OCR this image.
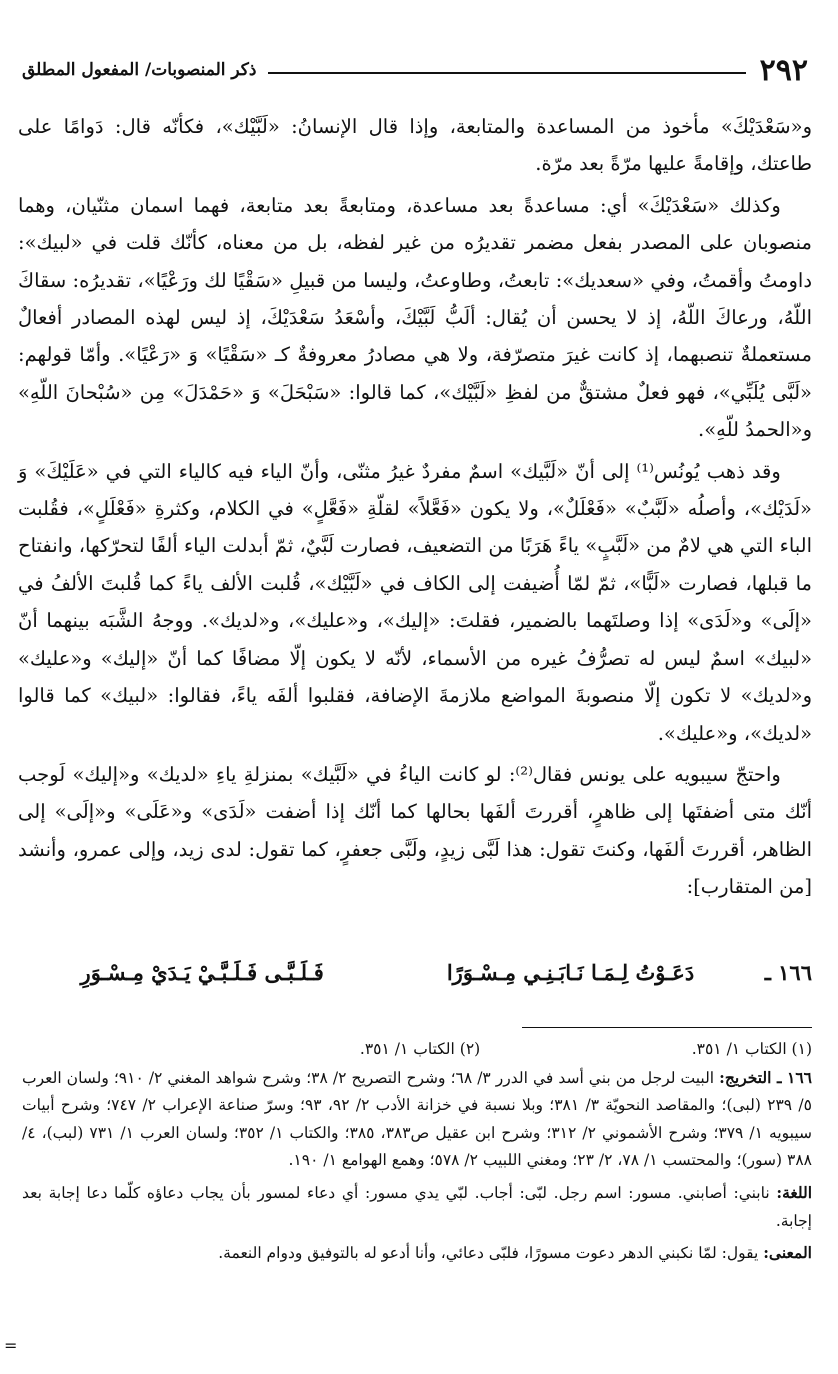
٢٩٢
ذكر المنصوبات/ المفعول المطلق

و«سَعْدَيْكَ» مأخوذ من المساعدة والمتابعة، وإذا قال الإنسانُ: «لَبَّيْك»، فكأنّه قال: دَوامًا على طاعتك، وإقامةً عليها مرّةً بعد مرّة.

وكذلك «سَعْدَيْكَ» أي: مساعدةً بعد مساعدة، ومتابعةً بعد متابعة، فهما اسمان مثنّيان، وهما منصوبان على المصدر بفعل مضمر تقديرُه من غير لفظه، بل من معناه، كأنّك قلت في «لبيك»: داومتُ وأقمتُ، وفي «سعديك»: تابعتُ، وطاوعتُ، وليسا من قبيلِ «سَقْيًا لك ورَعْيًا»، تقديرُه: سقاكَ اللّهُ، ورعاكَ اللّهُ، إذ لا يحسن أن يُقال: ألَبُّ لَبَّيْكَ، وأسْعَدُ سَعْدَيْكَ، إذ ليس لهذه المصادر أفعالٌ مستعملةٌ تنصبهما، إذ كانت غيرَ متصرّفة، ولا هي مصادرُ معروفةٌ كـ «سَقْيًا» وَ «رَعْيًا». وأمّا قولهم: «لَبَّى يُلَبِّي»، فهو فعلٌ مشتقٌّ من لفظِ «لَبَّيْك»، كما قالوا: «سَبْحَلَ» وَ «حَمْدَلَ» مِن «سُبْحانَ اللّهِ» و«الحمدُ للّهِ».

وقد ذهب يُونُس⁽¹⁾ إلى أنّ «لَبَّيك» اسمٌ مفردٌ غيرُ مثنّى، وأنّ الياء فيه كالياء التي في «عَلَيْكَ» وَ «لَدَيْك»، وأصلُه «لَبَّبٌ» «فَعْلَلٌ»، ولا يكون «فَعَّلاً» لقلّةِ «فَعَّلٍ» في الكلام، وكثرةِ «فَعْلَلٍ»، فقُلبت الباء التي هي لامٌ من «لَبَّبٍ» ياءً هَرَبًا من التضعيف، فصارت لَبَّيٌ، ثمّ أبدلت الياء ألفًا لتحرّكها، وانفتاح ما قبلها، فصارت «لَبًّا»، ثمّ لمّا أُضيفت إلى الكاف في «لَبَّيْك»، قُلبت الألف ياءً كما قُلبتَ الألفُ في «إلَى» و«لَدَى» إذا وصلتَهما بالضمير، فقلتَ: «إليك»، و«عليك»، و«لديك». ووجهُ الشَّبَه بينهما أنّ «لبيك» اسمٌ ليس له تصرُّفُ غيره من الأسماء، لأنّه لا يكون إلّا مضافًا كما أنّ «إليك» و«عليك» و«لديك» لا تكون إلّا منصوبةَ المواضع ملازمةَ الإضافة، فقلبوا ألفَه ياءً، فقالوا: «لبيك» كما قالوا «لديك»، و«عليك».

واحتجّ سيبويه على يونس فقال⁽²⁾: لو كانت الياءُ في «لَبَّيك» بمنزلةِ ياءِ «لديك» و«إليك» لَوجب أنّك متى أضفتَها إلى ظاهرٍ، أقررتَ ألفَها بحالها كما أنّك إذا أضفت «لَدَى» و«عَلَى» و«إلَى» إلى الظاهر، أقررتَ ألفَها، وكنتَ تقول: هذا لَبَّى زيدٍ، ولَبَّى جعفرٍ، كما تقول: لدى زيد، وإلى عمرو، وأنشد [من المتقارب]:

١٦٦ ـ
دَعَـوْتُ لِـمَـا نَـابَـنِـي مِـسْـوَرًا
فَـلَـبَّـى فَـلَـبَّـيْ يَـدَيْ مِـسْـوَرِ
(١) الكتاب ١/ ٣٥١.
(٢) الكتاب ١/ ٣٥١.

١٦٦ ـ التخريج: البيت لرجل من بني أسد في الدرر ٣/ ٦٨؛ وشرح التصريح ٢/ ٣٨؛ وشرح شواهد المغني ٢/ ٩١٠؛ ولسان العرب ٥/ ٢٣٩ (لبى)؛ والمقاصد النحويّة ٣/ ٣٨١؛ وبلا نسبة في خزانة الأدب ٢/ ٩٢، ٩٣؛ وسرّ صناعة الإعراب ٢/ ٧٤٧؛ وشرح أبيات سيبويه ١/ ٣٧٩؛ وشرح الأشموني ٢/ ٣١٢؛ وشرح ابن عقيل ص٣٨٣، ٣٨٥؛ والكتاب ١/ ٣٥٢؛ ولسان العرب ١/ ٧٣١ (لبب)، ٤/ ٣٨٨ (سور)؛ والمحتسب ١/ ٧٨، ٢/ ٢٣؛ ومغني اللبيب ٢/ ٥٧٨؛ وهمع الهوامع ١/ ١٩٠.

اللغة: نابني: أصابني. مسور: اسم رجل. لبّى: أجاب. لبّي يدي مسور: أي دعاء لمسور بأن يجاب دعاؤه كلّما دعا إجابة بعد إجابة.

المعنى: يقول: لمّا نكبني الدهر دعوت مسورًا، فلبّى دعائي، وأنا أدعو له بالتوفيق ودوام النعمة.

=
